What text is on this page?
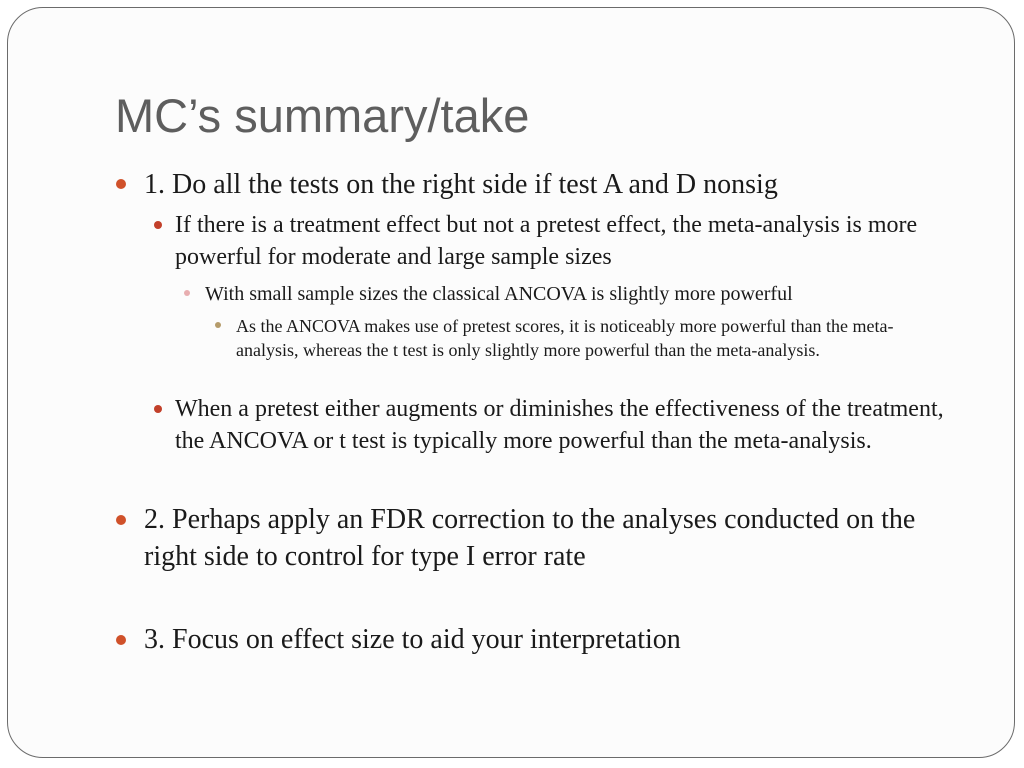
MC’s summary/take

1. Do all the tests on the right side if test A and D nonsig

If there is a treatment effect but not a pretest effect, the meta-analysis is more powerful for moderate and large sample sizes

With small sample sizes the classical ANCOVA is slightly more powerful

As the ANCOVA makes use of pretest scores, it is noticeably more powerful than the meta-analysis, whereas the t test is only slightly more powerful than the meta-analysis.

When a pretest either augments or diminishes the effectiveness of the treatment, the ANCOVA or t test is typically more powerful than the meta-analysis.

2. Perhaps apply an FDR correction to the analyses conducted on the right side to control for type I error rate

3. Focus on effect size to aid your interpretation
